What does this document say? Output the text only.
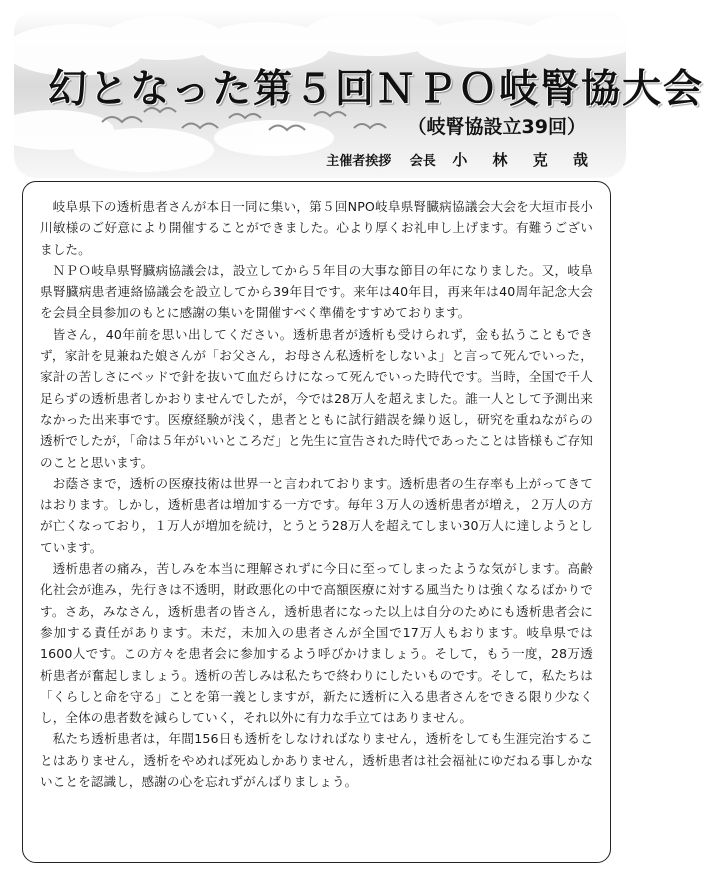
幻となった第５回ＮＰＯ岐腎協大会
（岐腎協設立39回）
主催者挨拶 会長 小 林 克 哉

岐阜県下の透析患者さんが本日一同に集い，第５回NPO岐阜県腎臓病協議会大会を大垣市長小川敏様のご好意により開催することができました。心より厚くお礼申し上げます。有難うございました。

ＮＰＯ岐阜県腎臓病協議会は，設立してから５年目の大事な節目の年になりました。又，岐阜県腎臓病患者連絡協議会を設立してから39年目です。来年は40年目，再来年は40周年記念大会を会員全員参加のもとに感謝の集いを開催すべく準備をすすめております。

皆さん，40年前を思い出してください。透析患者が透析も受けられず，金も払うこともできず，家計を見兼ねた娘さんが「お父さん，お母さん私透析をしないよ」と言って死んでいった，家計の苦しさにベッドで針を抜いて血だらけになって死んでいった時代です。当時，全国で千人足らずの透析患者しかおりませんでしたが，今では28万人を超えました。誰一人として予測出来なかった出来事です。医療経験が浅く，患者とともに試行錯誤を繰り返し，研究を重ねながらの透析でしたが，「命は５年がいいところだ」と先生に宣告された時代であったことは皆様もご存知のことと思います。

お蔭さまで，透析の医療技術は世界一と言われております。透析患者の生存率も上がってきてはおります。しかし，透析患者は増加する一方です。毎年３万人の透析患者が増え，２万人の方が亡くなっており，１万人が増加を続け，とうとう28万人を超えてしまい30万人に達しようとしています。

透析患者の痛み，苦しみを本当に理解されずに今日に至ってしまったような気がします。高齢化社会が進み，先行きは不透明，財政悪化の中で高額医療に対する風当たりは強くなるばかりです。さあ，みなさん，透析患者の皆さん，透析患者になった以上は自分のためにも透析患者会に参加する責任があります。未だ，未加入の患者さんが全国で17万人もおります。岐阜県では1600人です。この方々を患者会に参加するよう呼びかけましょう。そして，もう一度，28万透析患者が奮起しましょう。透析の苦しみは私たちで終わりにしたいものです。そして，私たちは「くらしと命を守る」ことを第一義としますが，新たに透析に入る患者さんをできる限り少なくし，全体の患者数を減らしていく，それ以外に有力な手立てはありません。

私たち透析患者は，年間156日も透析をしなければなりません，透析をしても生涯完治することはありません，透析をやめれば死ぬしかありません，透析患者は社会福祉にゆだねる事しかないことを認識し，感謝の心を忘れずがんばりましょう。
